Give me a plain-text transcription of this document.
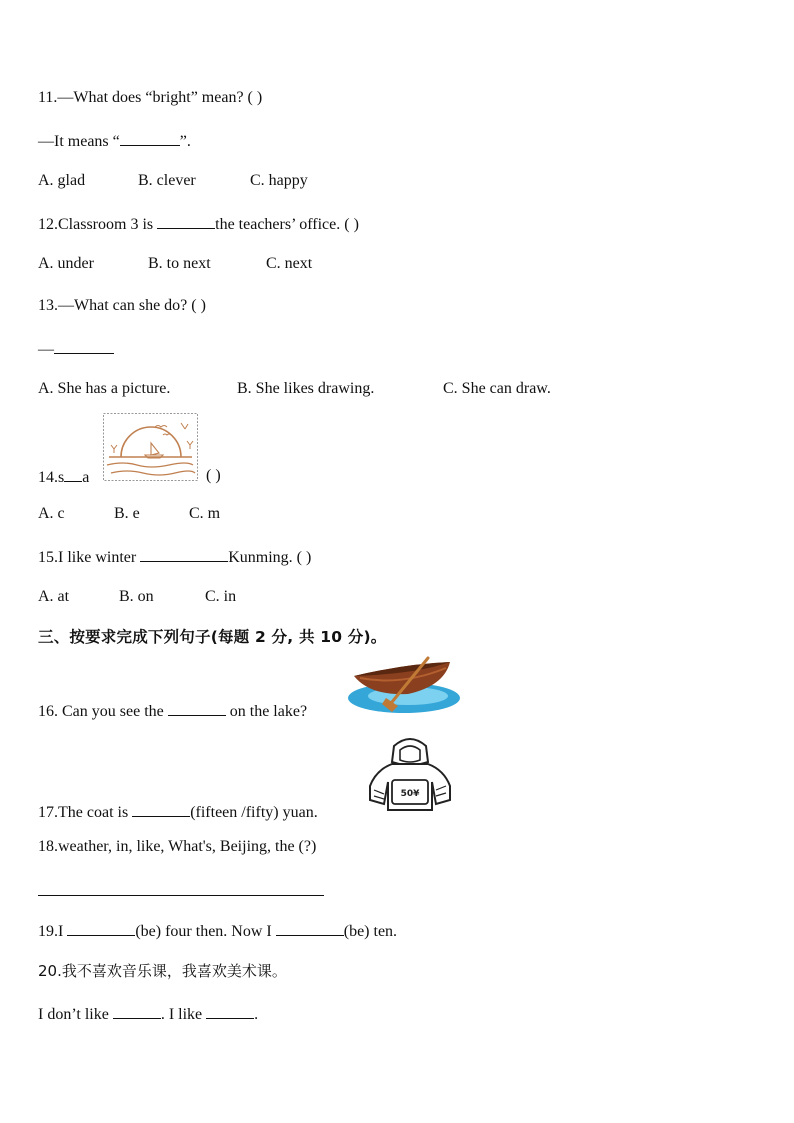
11.—What does “bright” mean? ( )
—It means “	”.
A. glad	B. clever	C. happy
12.Classroom 3 is	the teachers’ office. ( )
A. under	B. to next	C. next
13.—What can she do? ( )
—
A. She has a picture.	B. She likes drawing.	C. She can draw.
14.s a	( )
A. c	B. e	C. m
15.I like winter	Kunming. ( )
A. at	B. on	C. in
三、按要求完成下列句子(每题 2 分, 共 10 分)。
16. Can you see the	on the lake?
17.The coat is	(fifteen /fifty) yuan.
50¥
18.weather, in, like, What's, Beijing, the (?)
19.I	(be) four then. Now I	(be) ten.
20.我不喜欢音乐课，我喜欢美术课。
I don’t like	. I like	.
